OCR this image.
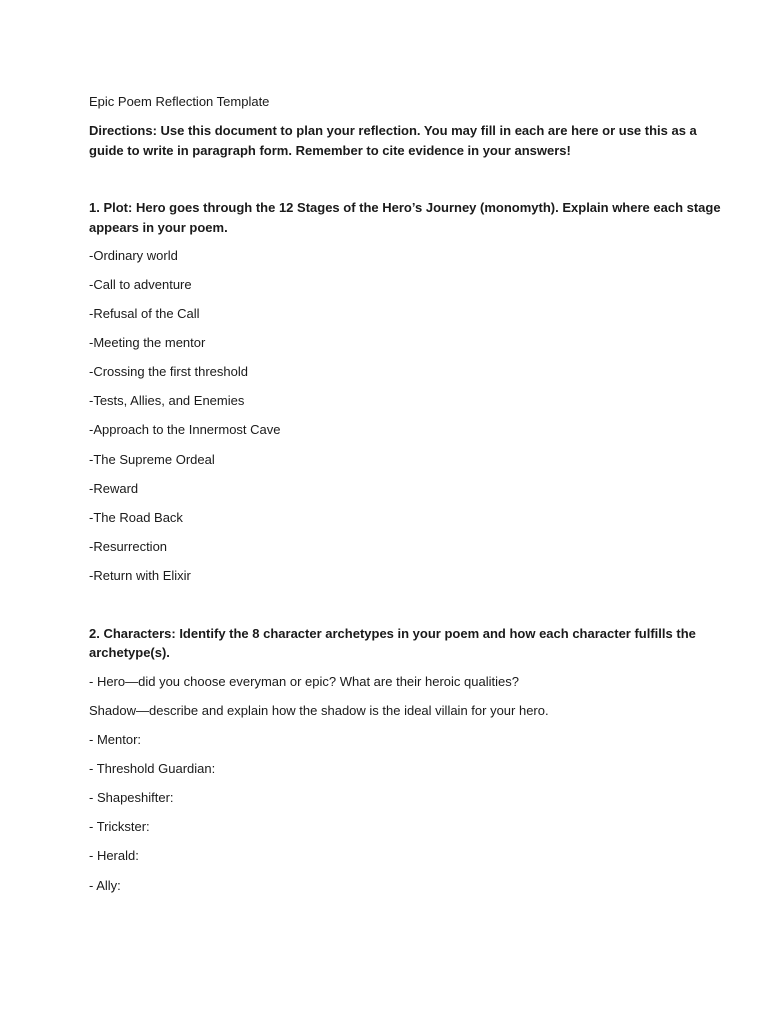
Epic Poem Reflection Template

Directions: Use this document to plan your reflection. You may fill in each are here or use this as a

guide to write in paragraph form. Remember to cite evidence in your answers!

1. Plot: Hero goes through the 12 Stages of the Hero’s Journey (monomyth). Explain where each stage

appears in your poem.

-Ordinary world

-Call to adventure

-Refusal of the Call

-Meeting the mentor

-Crossing the first threshold

-Tests, Allies, and Enemies

-Approach to the Innermost Cave

-The Supreme Ordeal

-Reward

-The Road Back

-Resurrection

-Return with Elixir

2. Characters: Identify the 8 character archetypes in your poem and how each character fulfills the

archetype(s).

- Hero—did you choose everyman or epic? What are their heroic qualities?

Shadow—describe and explain how the shadow is the ideal villain for your hero.

- Mentor:

- Threshold Guardian:

- Shapeshifter:

- Trickster:

- Herald:

- Ally:
